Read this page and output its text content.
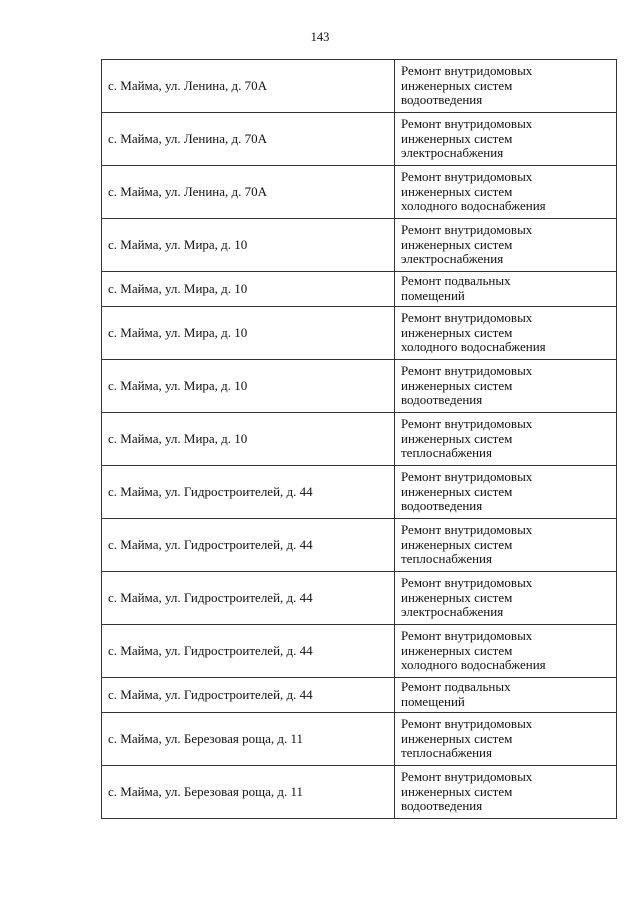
143
с. Майма, ул. Ленина, д. 70А	Ремонт внутридомовых
инженерных систем
водоотведения

с. Майма, ул. Ленина, д. 70А	Ремонт внутридомовых
инженерных систем
электроснабжения

с. Майма, ул. Ленина, д. 70А	Ремонт внутридомовых
инженерных систем
холодного водоснабжения

с. Майма, ул. Мира, д. 10	Ремонт внутридомовых
инженерных систем
электроснабжения

с. Майма, ул. Мира, д. 10	Ремонт подвальных
помещений

с. Майма, ул. Мира, д. 10	Ремонт внутридомовых
инженерных систем
холодного водоснабжения

с. Майма, ул. Мира, д. 10	Ремонт внутридомовых
инженерных систем
водоотведения

с. Майма, ул. Мира, д. 10	Ремонт внутридомовых
инженерных систем
теплоснабжения

с. Майма, ул. Гидростроителей, д. 44	Ремонт внутридомовых
инженерных систем
водоотведения

с. Майма, ул. Гидростроителей, д. 44	Ремонт внутридомовых
инженерных систем
теплоснабжения

с. Майма, ул. Гидростроителей, д. 44	Ремонт внутридомовых
инженерных систем
электроснабжения

с. Майма, ул. Гидростроителей, д. 44	Ремонт внутридомовых
инженерных систем
холодного водоснабжения

с. Майма, ул. Гидростроителей, д. 44	Ремонт подвальных
помещений

с. Майма, ул. Березовая роща, д. 11	Ремонт внутридомовых
инженерных систем
теплоснабжения

с. Майма, ул. Березовая роща, д. 11	Ремонт внутридомовых
инженерных систем
водоотведения
